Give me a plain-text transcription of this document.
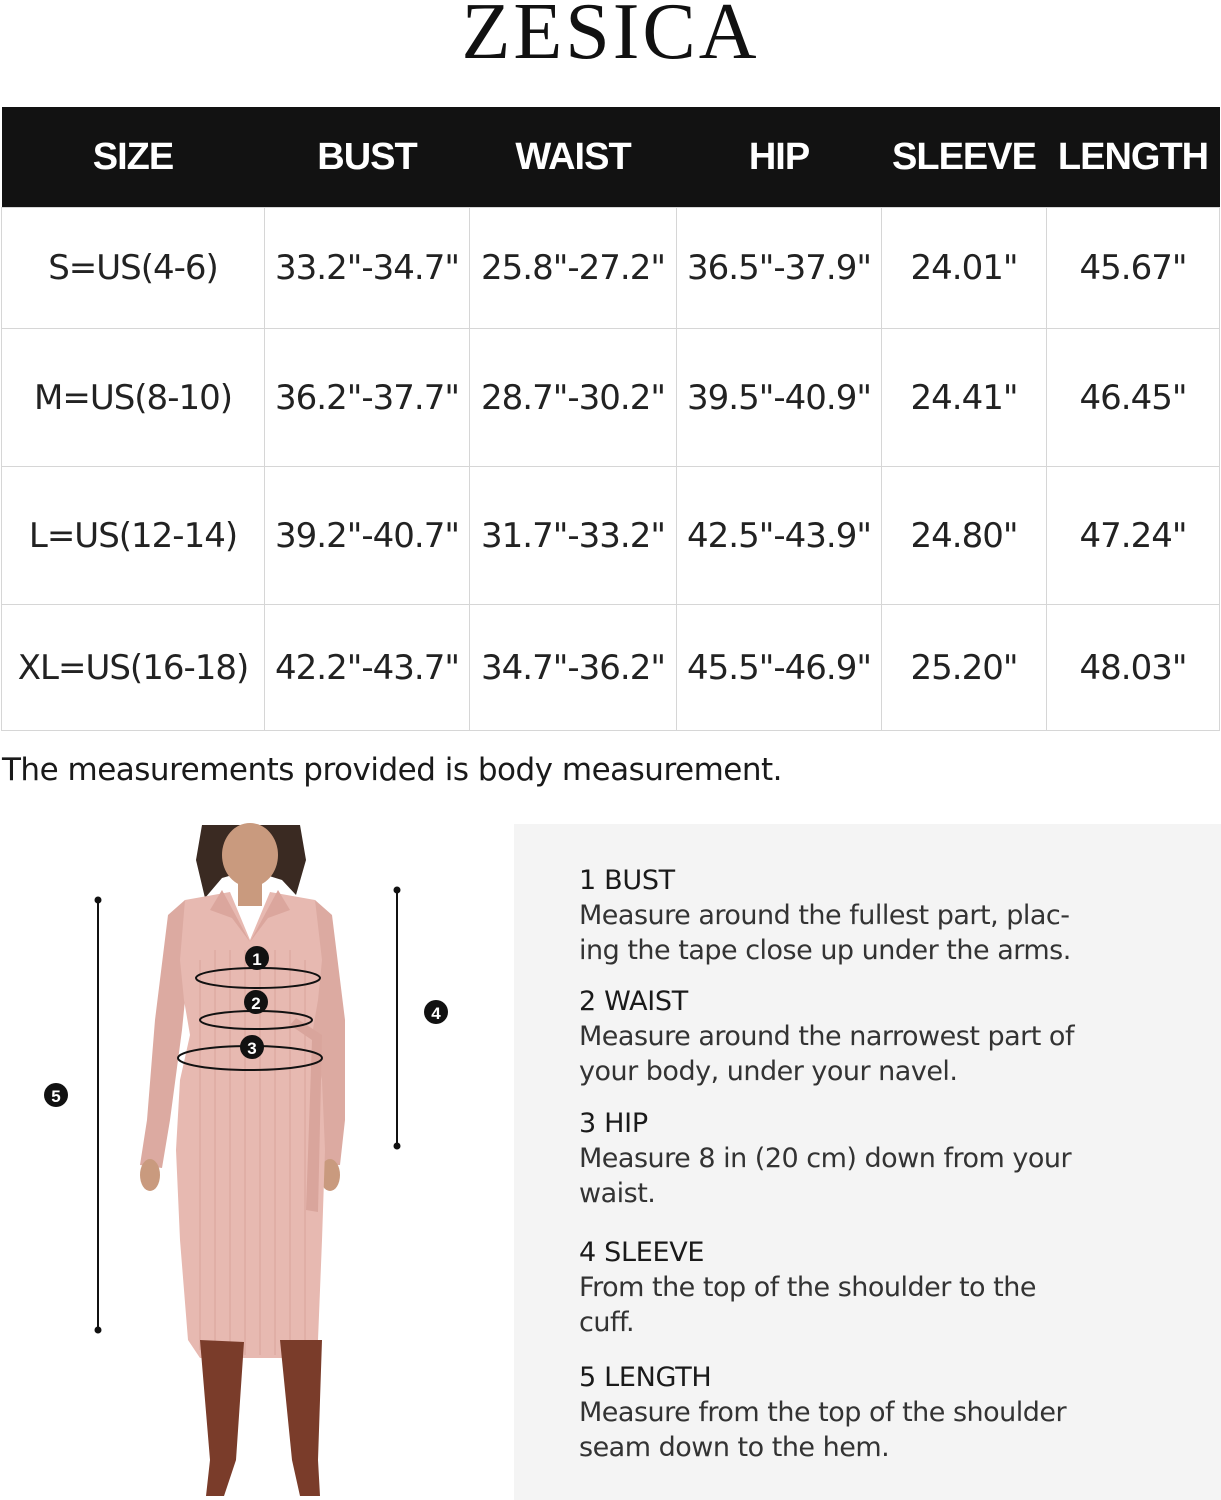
ZESICA
SIZE	BUST	WAIST	HIP	SLEEVE	LENGTH
S=US(4-6)	33.2"-34.7"	25.8"-27.2"	36.5"-37.9"	24.01"	45.67"
M=US(8-10)	36.2"-37.7"	28.7"-30.2"	39.5"-40.9"	24.41"	46.45"
L=US(12-14)	39.2"-40.7"	31.7"-33.2"	42.5"-43.9"	24.80"	47.24"
XL=US(16-18)	42.2"-43.7"	34.7"-36.2"	45.5"-46.9"	25.20"	48.03"
The measurements provided is body measurement.
1
2
3
4
5
1 BUST
Measure around the fullest part, plac-
ing the tape close up under the arms.
2 WAIST
Measure around the narrowest part of
your body, under your navel.
3 HIP
Measure 8 in (20 cm) down from your
waist.
4 SLEEVE
From the top of the shoulder to the
cuff.
5 LENGTH
Measure from the top of the shoulder
seam down to the hem.
